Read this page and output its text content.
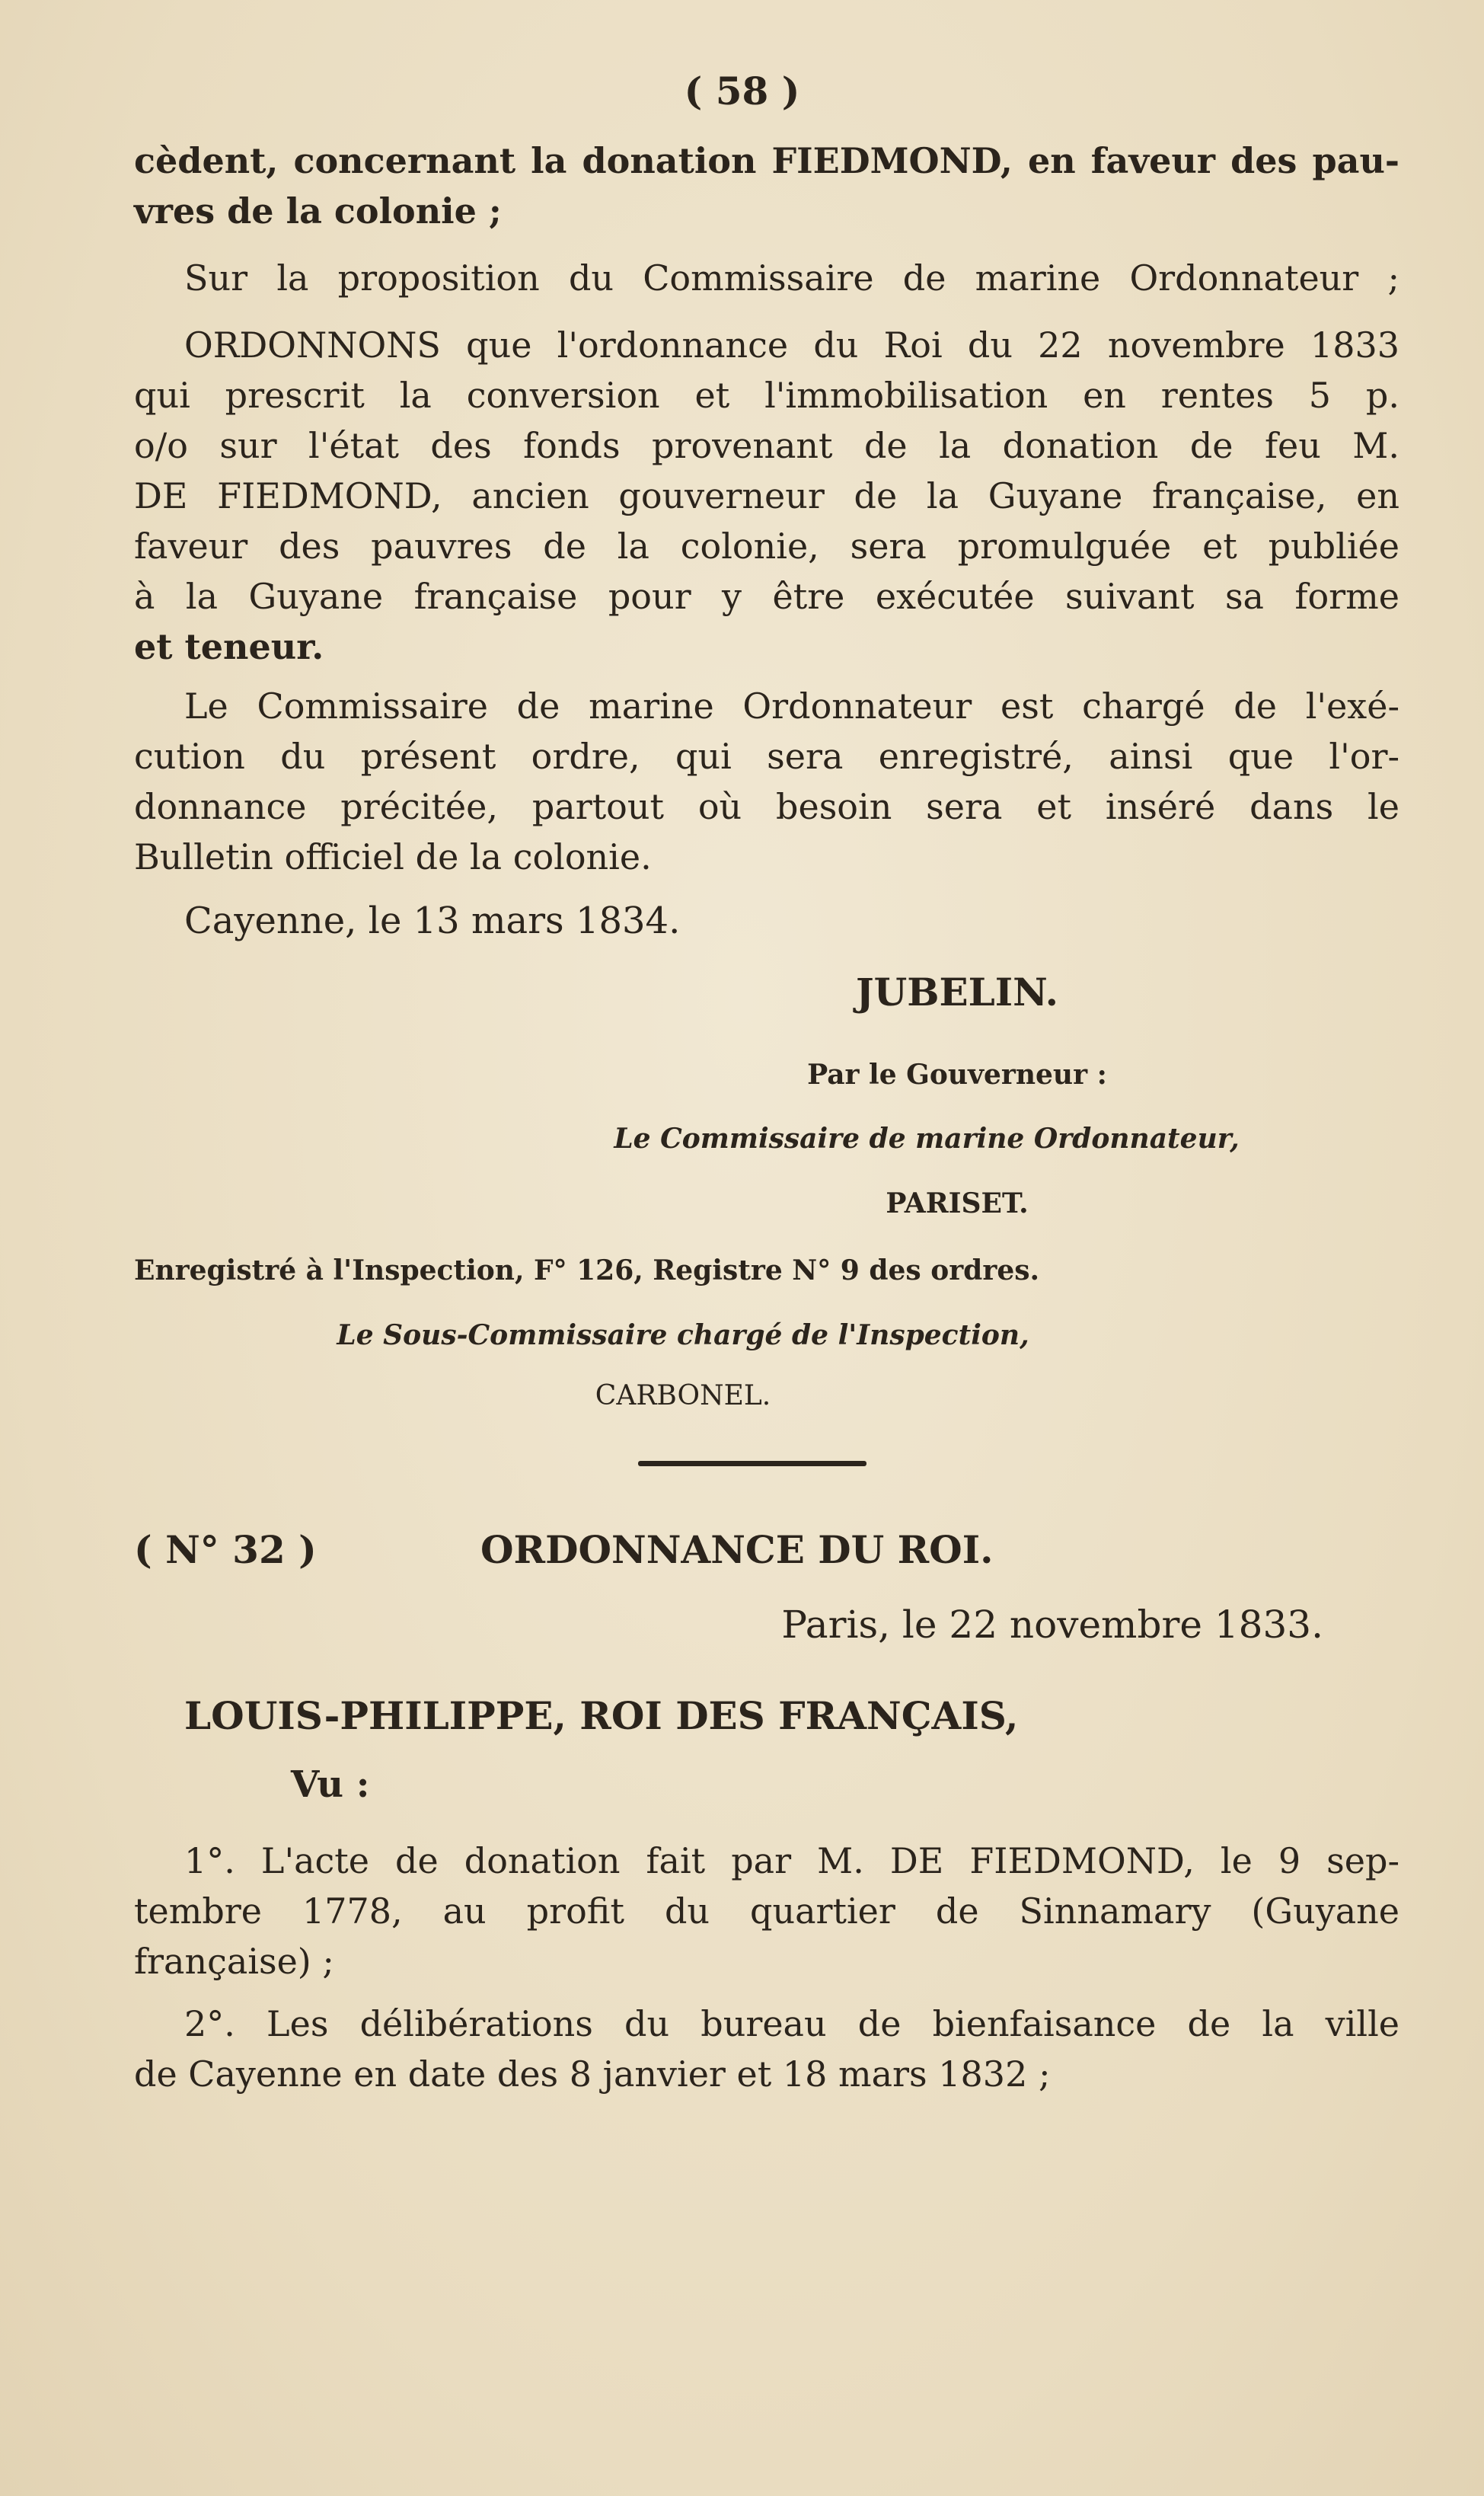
( 58 )
cèdent, concernant la donation FIEDMOND, en faveur des pau-
vres de la colonie ;
Sur la proposition du Commissaire de marine Ordonnateur ;
ORDONNONS que l'ordonnance du Roi du 22 novembre 1833
qui prescrit la conversion et l'immobilisation en rentes 5 p.
o/o sur l'état des fonds provenant de la donation de feu M.
DE FIEDMOND, ancien gouverneur de la Guyane française, en
faveur des pauvres de la colonie, sera promulguée et publiée
à la Guyane française pour y être exécutée suivant sa forme
et teneur.
Le Commissaire de marine Ordonnateur est chargé de l'exé-
cution du présent ordre, qui sera enregistré, ainsi que l'or-
donnance précitée, partout où besoin sera et inséré dans le
Bulletin officiel de la colonie.
Cayenne, le 13 mars 1834.
JUBELIN.
Par le Gouverneur :
Le Commissaire de marine Ordonnateur,
PARISET.
Enregistré à l'Inspection, F° 126, Registre N° 9 des ordres.
Le Sous-Commissaire chargé de l'Inspection,
CARBONEL.
( N° 32 )	ORDONNANCE DU ROI.
Paris, le 22 novembre 1833.
LOUIS-PHILIPPE, ROI DES FRANÇAIS,
Vu :
1°. L'acte de donation fait par M. DE FIEDMOND, le 9 sep-
tembre 1778, au profit du quartier de Sinnamary (Guyane
française) ;
2°. Les délibérations du bureau de bienfaisance de la ville
de Cayenne en date des 8 janvier et 18 mars 1832 ;
